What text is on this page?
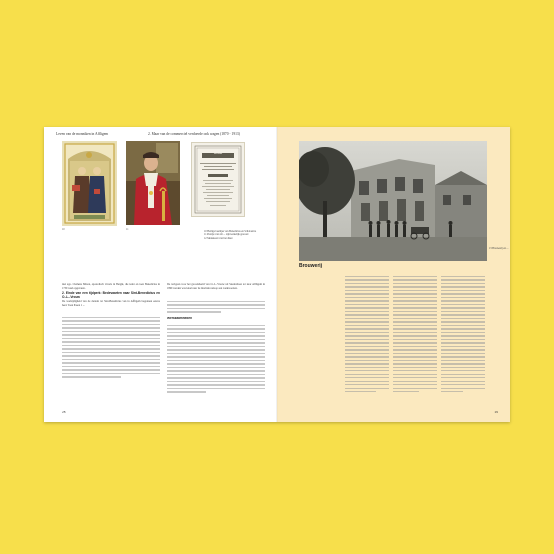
Leven van de monniken in Affligem	2. Maar van de commerciel verdoerde ook wagen (1870 - 1913)
10	11
DINER
TRAVAILLER EN FONDATIE
10 Heilige beeldjes van Benedictus en Scholastica
11 Prentje van abt ... zijn kerkelijk gewaad
12 Menukaart van het diner

niet ago. Clemens Mixen, apostolisch vicaris in Bergik, die ieder en toen Benedictus in 1759 rond opgevaren.

2. Einde van een tijdperk: Bedevaarten naar Sint-Benedictus en O.-L.-Vrouw

De veelzijdigheid van de dertein tot Sint-Benedictus van in Affligem begonnen eeuws heel. Toen Pasen 1 ...

De tovigeen voor het groodebeeld van O.-L.-Vrouw uit Snederdaon tot naar Affligem in 1899 werden was kloel naar de maritale naloop aan werkwoerten.

Werkzaamheden
28
13 Brouwerij en ...
Brouwerij
29
